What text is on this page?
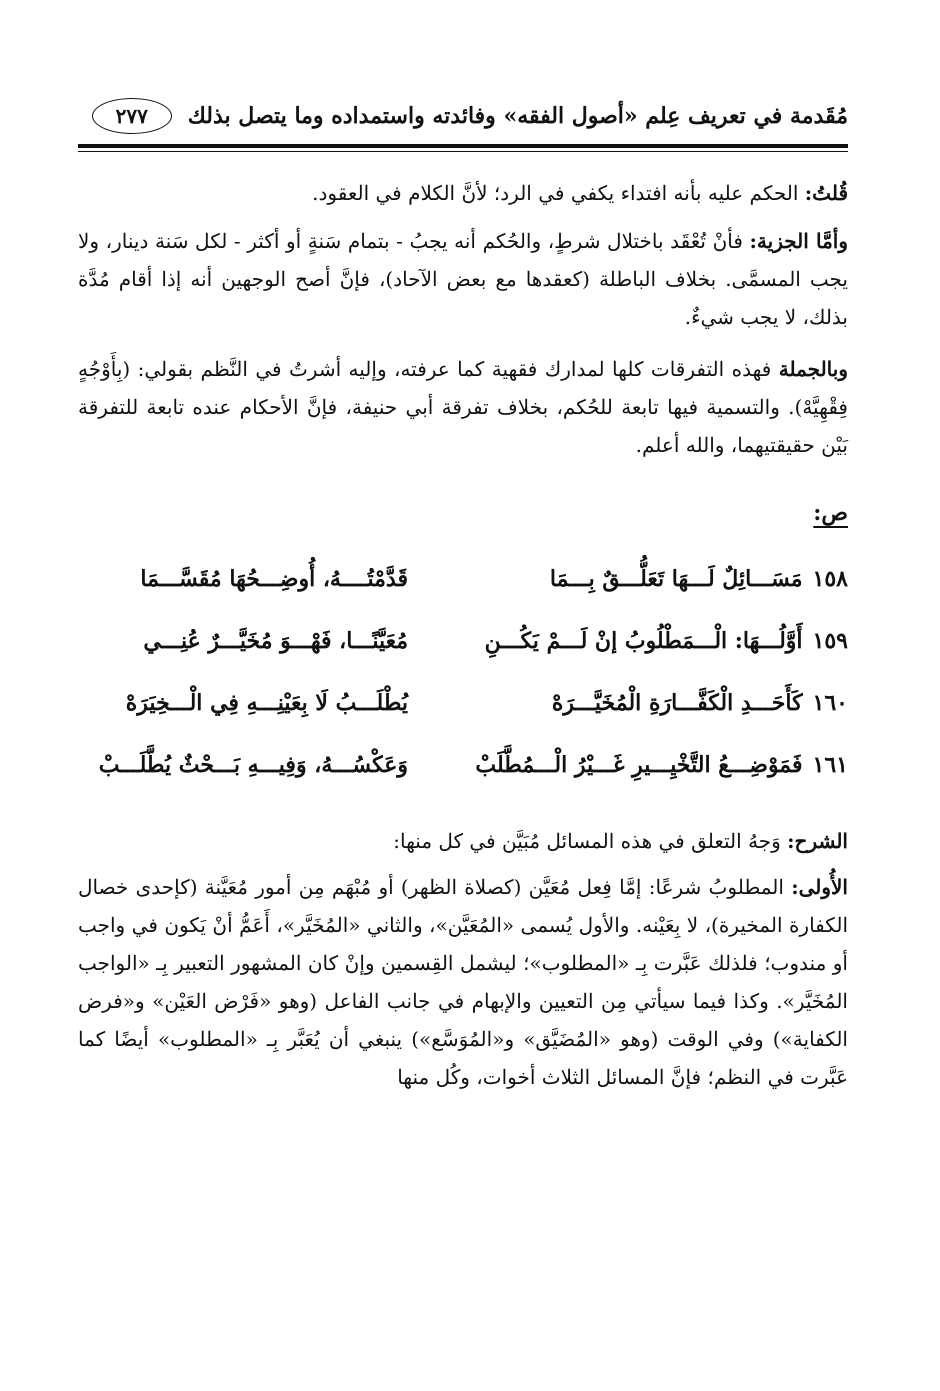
مُقَدمة في تعريف عِلم «أصول الفقه» وفائدته واستمداده وما يتصل بذلك
٢٧٧

قُلتُ: الحكم عليه بأنه افتداء يكفي في الرد؛ لأنَّ الكلام في العقود.

وأمَّا الجزية: فأنْ تُعْقَد باختلال شرطٍ، والحُكم أنه يجبُ - بتمام سَنةٍ أو أكثر - لكل سَنة دينار، ولا يجب المسمَّى. بخلاف الباطلة (كعقدها مع بعض الآحاد)، فإنَّ أصح الوجهين أنه إذا أقام مُدَّة بذلك، لا يجب شيءٌ.

وبالجملة فهذه التفرقات كلها لمدارك فقهية كما عرفته، وإليه أشرتُ في النَّظم بقولي: (بِأَوْجُهٍ فِقْهِيَّهْ). والتسمية فيها تابعة للحُكم، بخلاف تفرقة أبي حنيفة، فإنَّ الأحكام عنده تابعة للتفرقة بَيْن حقيقتيهما، والله أعلم.

ص:
١٥٨مَسَـــائِلٌ لَـــهَا تَعَلُّـــقٌ بِـــمَا
قَدَّمْتُــــهُ، أُوضِـــحُهَا مُقَسَّـــمَا
١٥٩أَوَّلُـــهَا: الْـــمَطْلُوبُ إنْ لَـــمْ يَكُـــنِ
مُعَيَّنًـــا، فَهْـــوَ مُخَيَّـــرٌ عُنِـــي
١٦٠كَأَحَـــدِ الْكَفَّـــارَةِ الْمُخَيَّـــرَهْ
يُطْلَـــبُ لَا بِعَيْنِـــهِ فِي الْـــخِيَرَهْ
١٦١فَمَوْضِـــعُ التَّخْيِـــيرِ غَـــيْرُ الْـــمُطَّلَبْ
وَعَكْسُـــهُ، وَفِيـــهِ بَـــحْثٌ يُطَّلَـــبْ

الشرح: وَجهُ التعلق في هذه المسائل مُبَيَّن في كل منها:

الأُولى: المطلوبُ شرعًا: إمَّا فِعل مُعَيَّن (كصلاة الظهر) أو مُبْهَم مِن أمور مُعَيَّنة (كإحدى خصال الكفارة المخيرة)، لا بِعَيْنه. والأول يُسمى «المُعَيَّن»، والثاني «المُخَيَّر»، أَعَمُّ أنْ يَكون في واجب أو مندوب؛ فلذلك عَبَّرت بِـ «المطلوب»؛ ليشمل القِسمين وإنْ كان المشهور التعبير بِـ «الواجب المُخَيَّر». وكذا فيما سيأتي مِن التعيين والإبهام في جانب الفاعل (وهو «فَرْض العَيْن» و«فرض الكفاية») وفي الوقت (وهو «المُضَيَّق» و«المُوَسَّع») ينبغي أن يُعَبَّر بِـ «المطلوب» أيضًا كما عَبَّرت في النظم؛ فإنَّ المسائل الثلاث أخوات، وكُل منها
